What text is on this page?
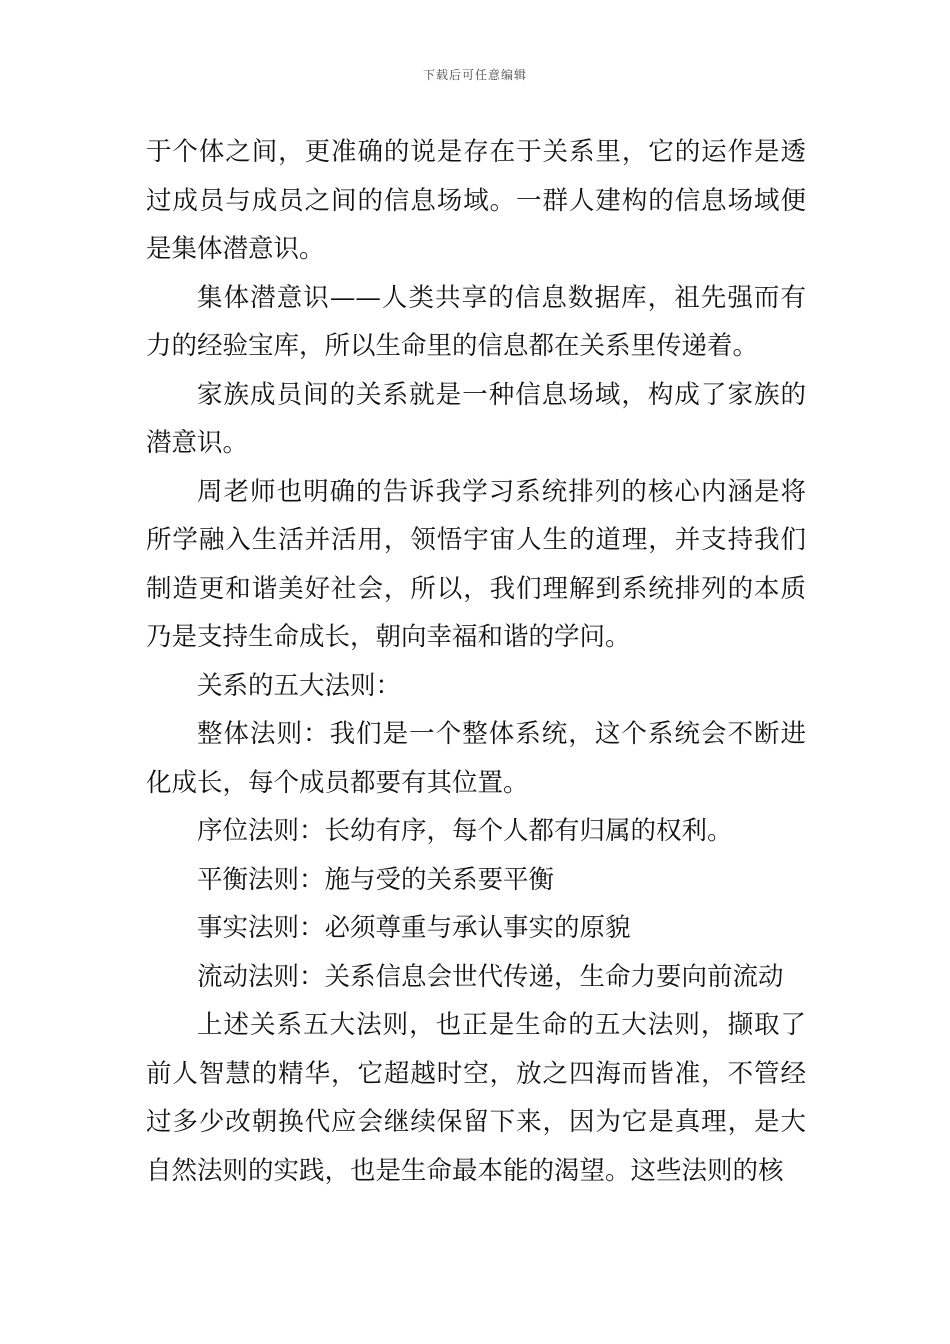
下载后可任意编辑

于个体之间，更准确的说是存在于关系里，它的运作是透过成员与成员之间的信息场域。一群人建构的信息场域便是集体潜意识。

集体潜意识——人类共享的信息数据库，祖先强而有力的经验宝库，所以生命里的信息都在关系里传递着。

家族成员间的关系就是一种信息场域，构成了家族的潜意识。

周老师也明确的告诉我学习系统排列的核心内涵是将所学融入生活并活用，领悟宇宙人生的道理，并支持我们制造更和谐美好社会，所以，我们理解到系统排列的本质乃是支持生命成长，朝向幸福和谐的学问。

关系的五大法则：

整体法则：我们是一个整体系统，这个系统会不断进化成长，每个成员都要有其位置。

序位法则：长幼有序，每个人都有归属的权利。

平衡法则：施与受的关系要平衡

事实法则：必须尊重与承认事实的原貌

流动法则：关系信息会世代传递，生命力要向前流动

上述关系五大法则，也正是生命的五大法则，撷取了前人智慧的精华，它超越时空，放之四海而皆准，不管经过多少改朝换代应会继续保留下来，因为它是真理，是大自然法则的实践，也是生命最本能的渴望。这些法则的核
